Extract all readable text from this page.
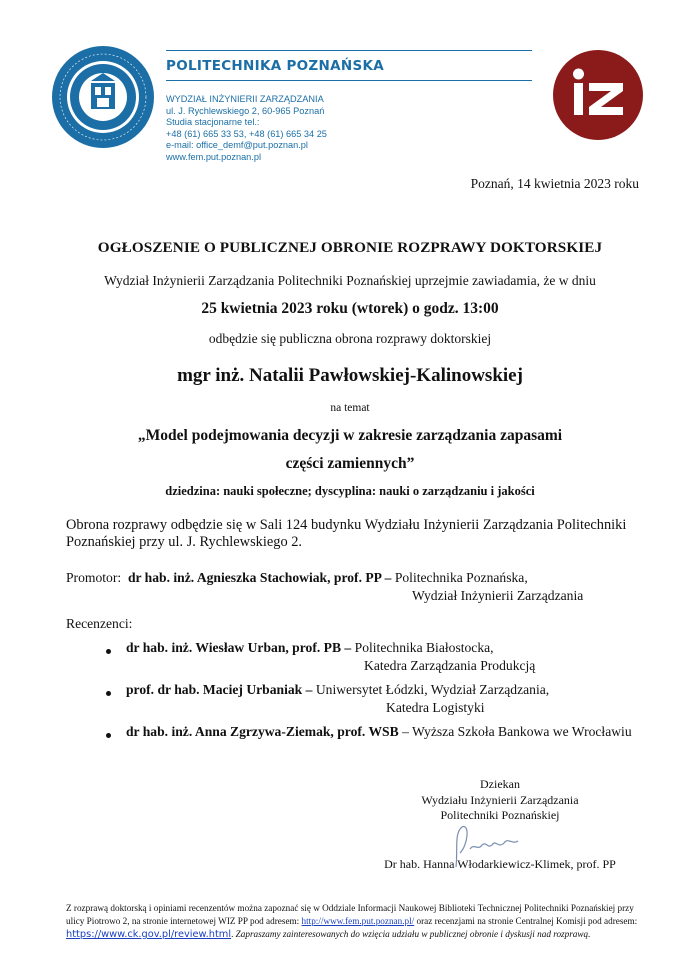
POLITECHNIKA POZNAŃSKA
WYDZIAŁ INŻYNIERII ZARZĄDZANIA
ul. J. Rychlewskiego 2, 60-965 Poznań
Studia stacjonarne tel.:
+48 (61) 665 33 53, +48 (61) 665 34 25
e-mail: office_demf@put.poznan.pl
www.fem.put.poznan.pl
Poznań, 14 kwietnia 2023 roku
OGŁOSZENIE O PUBLICZNEJ OBRONIE ROZPRAWY DOKTORSKIEJ
Wydział Inżynierii Zarządzania Politechniki Poznańskiej uprzejmie zawiadamia, że w dniu
25 kwietnia 2023 roku (wtorek) o godz. 13:00
odbędzie się publiczna obrona rozprawy doktorskiej
mgr inż. Natalii Pawłowskiej-Kalinowskiej
na temat
„Model podejmowania decyzji w zakresie zarządzania zapasami
części zamiennych”
dziedzina: nauki społeczne; dyscyplina: nauki o zarządzaniu i jakości
Obrona rozprawy odbędzie się w Sali 124 budynku Wydziału Inżynierii Zarządzania Politechniki Poznańskiej przy ul. J. Rychlewskiego 2.
Promotor: dr hab. inż. Agnieszka Stachowiak, prof. PP – Politechnika Poznańska,
Wydział Inżynierii Zarządzania
Recenzenci:
dr hab. inż. Wiesław Urban, prof. PB – Politechnika Białostocka,
Katedra Zarządzania Produkcją
prof. dr hab. Maciej Urbaniak – Uniwersytet Łódzki, Wydział Zarządzania,
Katedra Logistyki
dr hab. inż. Anna Zgrzywa-Ziemak, prof. WSB – Wyższa Szkoła Bankowa we Wrocławiu
Dziekan
Wydziału Inżynierii Zarządzania
Politechniki Poznańskiej
Dr hab. Hanna Włodarkiewicz-Klimek, prof. PP
Z rozprawą doktorską i opiniami recenzentów można zapoznać się w Oddziale Informacji Naukowej Biblioteki Technicznej Politechniki Poznańskiej przy ulicy Piotrowo 2, na stronie internetowej WIZ PP pod adresem: http://www.fem.put.poznan.pl/ oraz recenzjami na stronie Centralnej Komisji pod adresem: https://www.ck.gov.pl/review.html. Zapraszamy zainteresowanych do wzięcia udziału w publicznej obronie i dyskusji nad rozprawą.
